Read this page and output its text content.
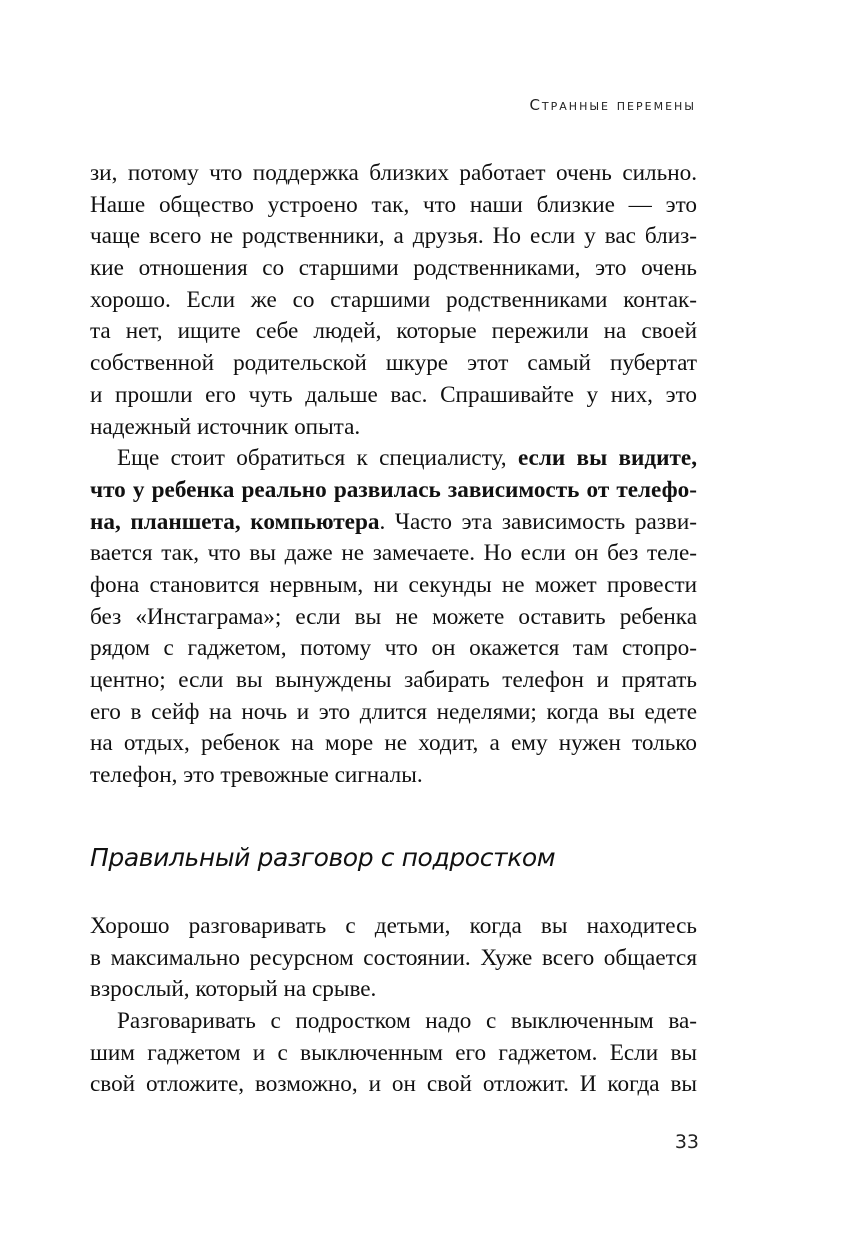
Странные перемены
зи, потому что поддержка близких работает очень сильно.
Наше общество устроено так, что наши близкие — это
чаще всего не родственники, а друзья. Но если у вас близ-
кие отношения со старшими родственниками, это очень
хорошо. Если же со старшими родственниками контак-
та нет, ищите себе людей, которые пережили на своей
собственной родительской шкуре этот самый пубертат
и прошли его чуть дальше вас. Спрашивайте у них, это
надежный источник опыта.
Еще стоит обратиться к специалисту, если вы видите,
что у ребенка реально развилась зависимость от телефо-
на, планшета, компьютера. Часто эта зависимость разви-
вается так, что вы даже не замечаете. Но если он без теле-
фона становится нервным, ни секунды не может провести
без «Инстаграма»; если вы не можете оставить ребенка
рядом с гаджетом, потому что он окажется там стопро-
центно; если вы вынуждены забирать телефон и прятать
его в сейф на ночь и это длится неделями; когда вы едете
на отдых, ребенок на море не ходит, а ему нужен только
телефон, это тревожные сигналы.
Правильный разговор с подростком
Хорошо разговаривать с детьми, когда вы находитесь
в максимально ресурсном состоянии. Хуже всего общается
взрослый, который на срыве.
Разговаривать с подростком надо с выключенным ва-
шим гаджетом и с выключенным его гаджетом. Если вы
свой отложите, возможно, и он свой отложит. И когда вы
33
